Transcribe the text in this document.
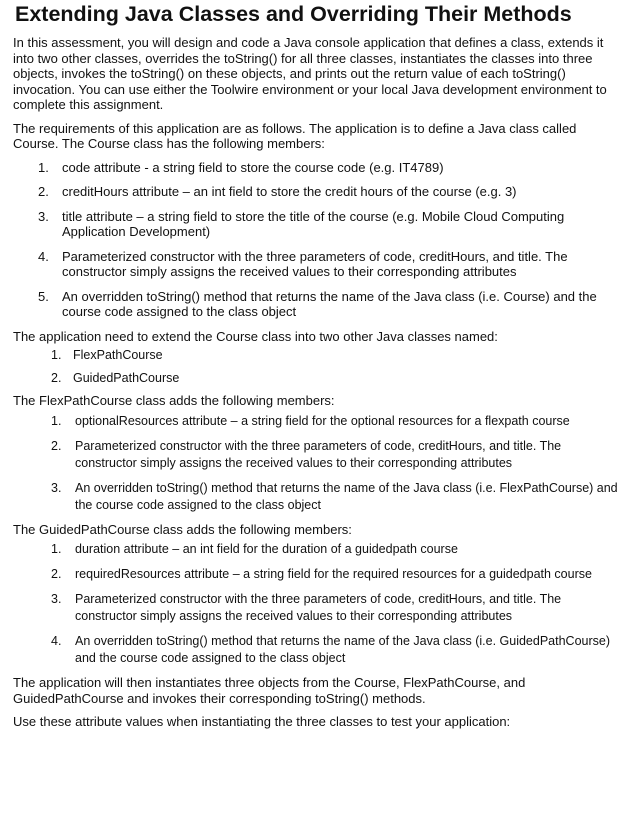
Extending Java Classes and Overriding Their Methods

In this assessment, you will design and code a Java console application that defines a class, extends it into two other classes, overrides the toString() for all three classes, instantiates the classes into three objects, invokes the toString() on these objects, and prints out the return value of each toString() invocation. You can use either the Toolwire environment or your local Java development environment to complete this assignment.

The requirements of this application are as follows. The application is to define a Java class called Course. The Course class has the following members:

1. code attribute - a string field to store the course code (e.g. IT4789)
2. creditHours attribute – an int field to store the credit hours of the course (e.g. 3)
3. title attribute – a string field to store the title of the course (e.g. Mobile Cloud Computing Application Development)
4. Parameterized constructor with the three parameters of code, creditHours, and title. The constructor simply assigns the received values to their corresponding attributes
5. An overridden toString() method that returns the name of the Java class (i.e. Course) and the course code assigned to the class object

The application need to extend the Course class into two other Java classes named:

1. FlexPathCourse
2. GuidedPathCourse

The FlexPathCourse class adds the following members:

1. optionalResources attribute – a string field for the optional resources for a flexpath course
2. Parameterized constructor with the three parameters of code, creditHours, and title. The constructor simply assigns the received values to their corresponding attributes
3. An overridden toString() method that returns the name of the Java class (i.e. FlexPathCourse) and the course code assigned to the class object

The GuidedPathCourse class adds the following members:

1. duration attribute – an int field for the duration of a guidedpath course
2. requiredResources attribute – a string field for the required resources for a guidedpath course
3. Parameterized constructor with the three parameters of code, creditHours, and title. The constructor simply assigns the received values to their corresponding attributes
4. An overridden toString() method that returns the name of the Java class (i.e. GuidedPathCourse) and the course code assigned to the class object

The application will then instantiates three objects from the Course, FlexPathCourse, and GuidedPathCourse and invokes their corresponding toString() methods.

Use these attribute values when instantiating the three classes to test your application:
